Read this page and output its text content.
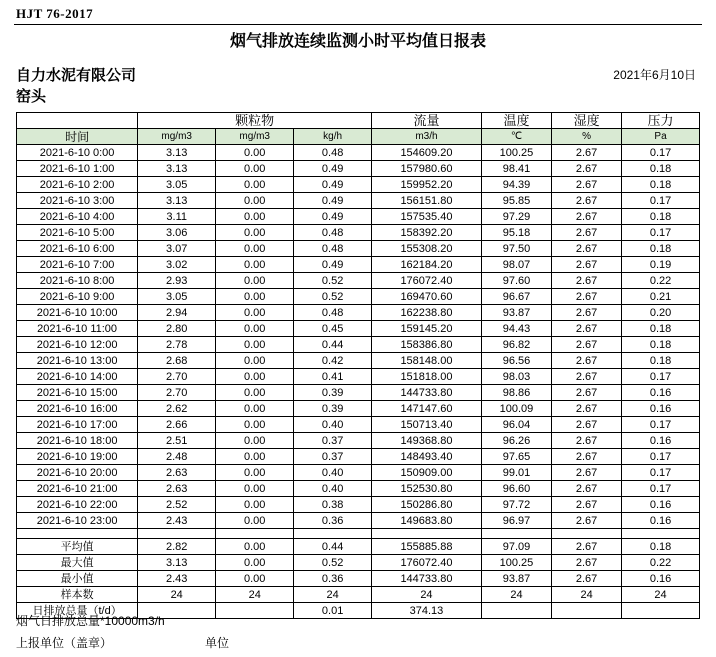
HJT 76-2017
烟气排放连续监测小时平均值日报表
自力水泥有限公司
窑头
2021年6月10日
	颗粒物			流量	温度	湿度	压力
时间	mg/m3	mg/m3	kg/h	m3/h	℃	%	Pa
2021-6-10 0:00	3.13	0.00	0.48	154609.20	100.25	2.67	0.17
2021-6-10 1:00	3.13	0.00	0.49	157980.60	98.41	2.67	0.18
2021-6-10 2:00	3.05	0.00	0.49	159952.20	94.39	2.67	0.18
2021-6-10 3:00	3.13	0.00	0.49	156151.80	95.85	2.67	0.17
2021-6-10 4:00	3.11	0.00	0.49	157535.40	97.29	2.67	0.18
2021-6-10 5:00	3.06	0.00	0.48	158392.20	95.18	2.67	0.17
2021-6-10 6:00	3.07	0.00	0.48	155308.20	97.50	2.67	0.18
2021-6-10 7:00	3.02	0.00	0.49	162184.20	98.07	2.67	0.19
2021-6-10 8:00	2.93	0.00	0.52	176072.40	97.60	2.67	0.22
2021-6-10 9:00	3.05	0.00	0.52	169470.60	96.67	2.67	0.21
2021-6-10 10:00	2.94	0.00	0.48	162238.80	93.87	2.67	0.20
2021-6-10 11:00	2.80	0.00	0.45	159145.20	94.43	2.67	0.18
2021-6-10 12:00	2.78	0.00	0.44	158386.80	96.82	2.67	0.18
2021-6-10 13:00	2.68	0.00	0.42	158148.00	96.56	2.67	0.18
2021-6-10 14:00	2.70	0.00	0.41	151818.00	98.03	2.67	0.17
2021-6-10 15:00	2.70	0.00	0.39	144733.80	98.86	2.67	0.16
2021-6-10 16:00	2.62	0.00	0.39	147147.60	100.09	2.67	0.16
2021-6-10 17:00	2.66	0.00	0.40	150713.40	96.04	2.67	0.17
2021-6-10 18:00	2.51	0.00	0.37	149368.80	96.26	2.67	0.16
2021-6-10 19:00	2.48	0.00	0.37	148493.40	97.65	2.67	0.17
2021-6-10 20:00	2.63	0.00	0.40	150909.00	99.01	2.67	0.17
2021-6-10 21:00	2.63	0.00	0.40	152530.80	96.60	2.67	0.17
2021-6-10 22:00	2.52	0.00	0.38	150286.80	97.72	2.67	0.16
2021-6-10 23:00	2.43	0.00	0.36	149683.80	96.97	2.67	0.16

平均值	2.82	0.00	0.44	155885.88	97.09	2.67	0.18
最大值	3.13	0.00	0.52	176072.40	100.25	2.67	0.22
最小值	2.43	0.00	0.36	144733.80	93.87	2.67	0.16
样本数	24	24	24	24	24	24	24
日排放总量（t/d）			0.01	374.13			
烟气日排放总量*10000m3/h
上报单位（盖章）	单位
